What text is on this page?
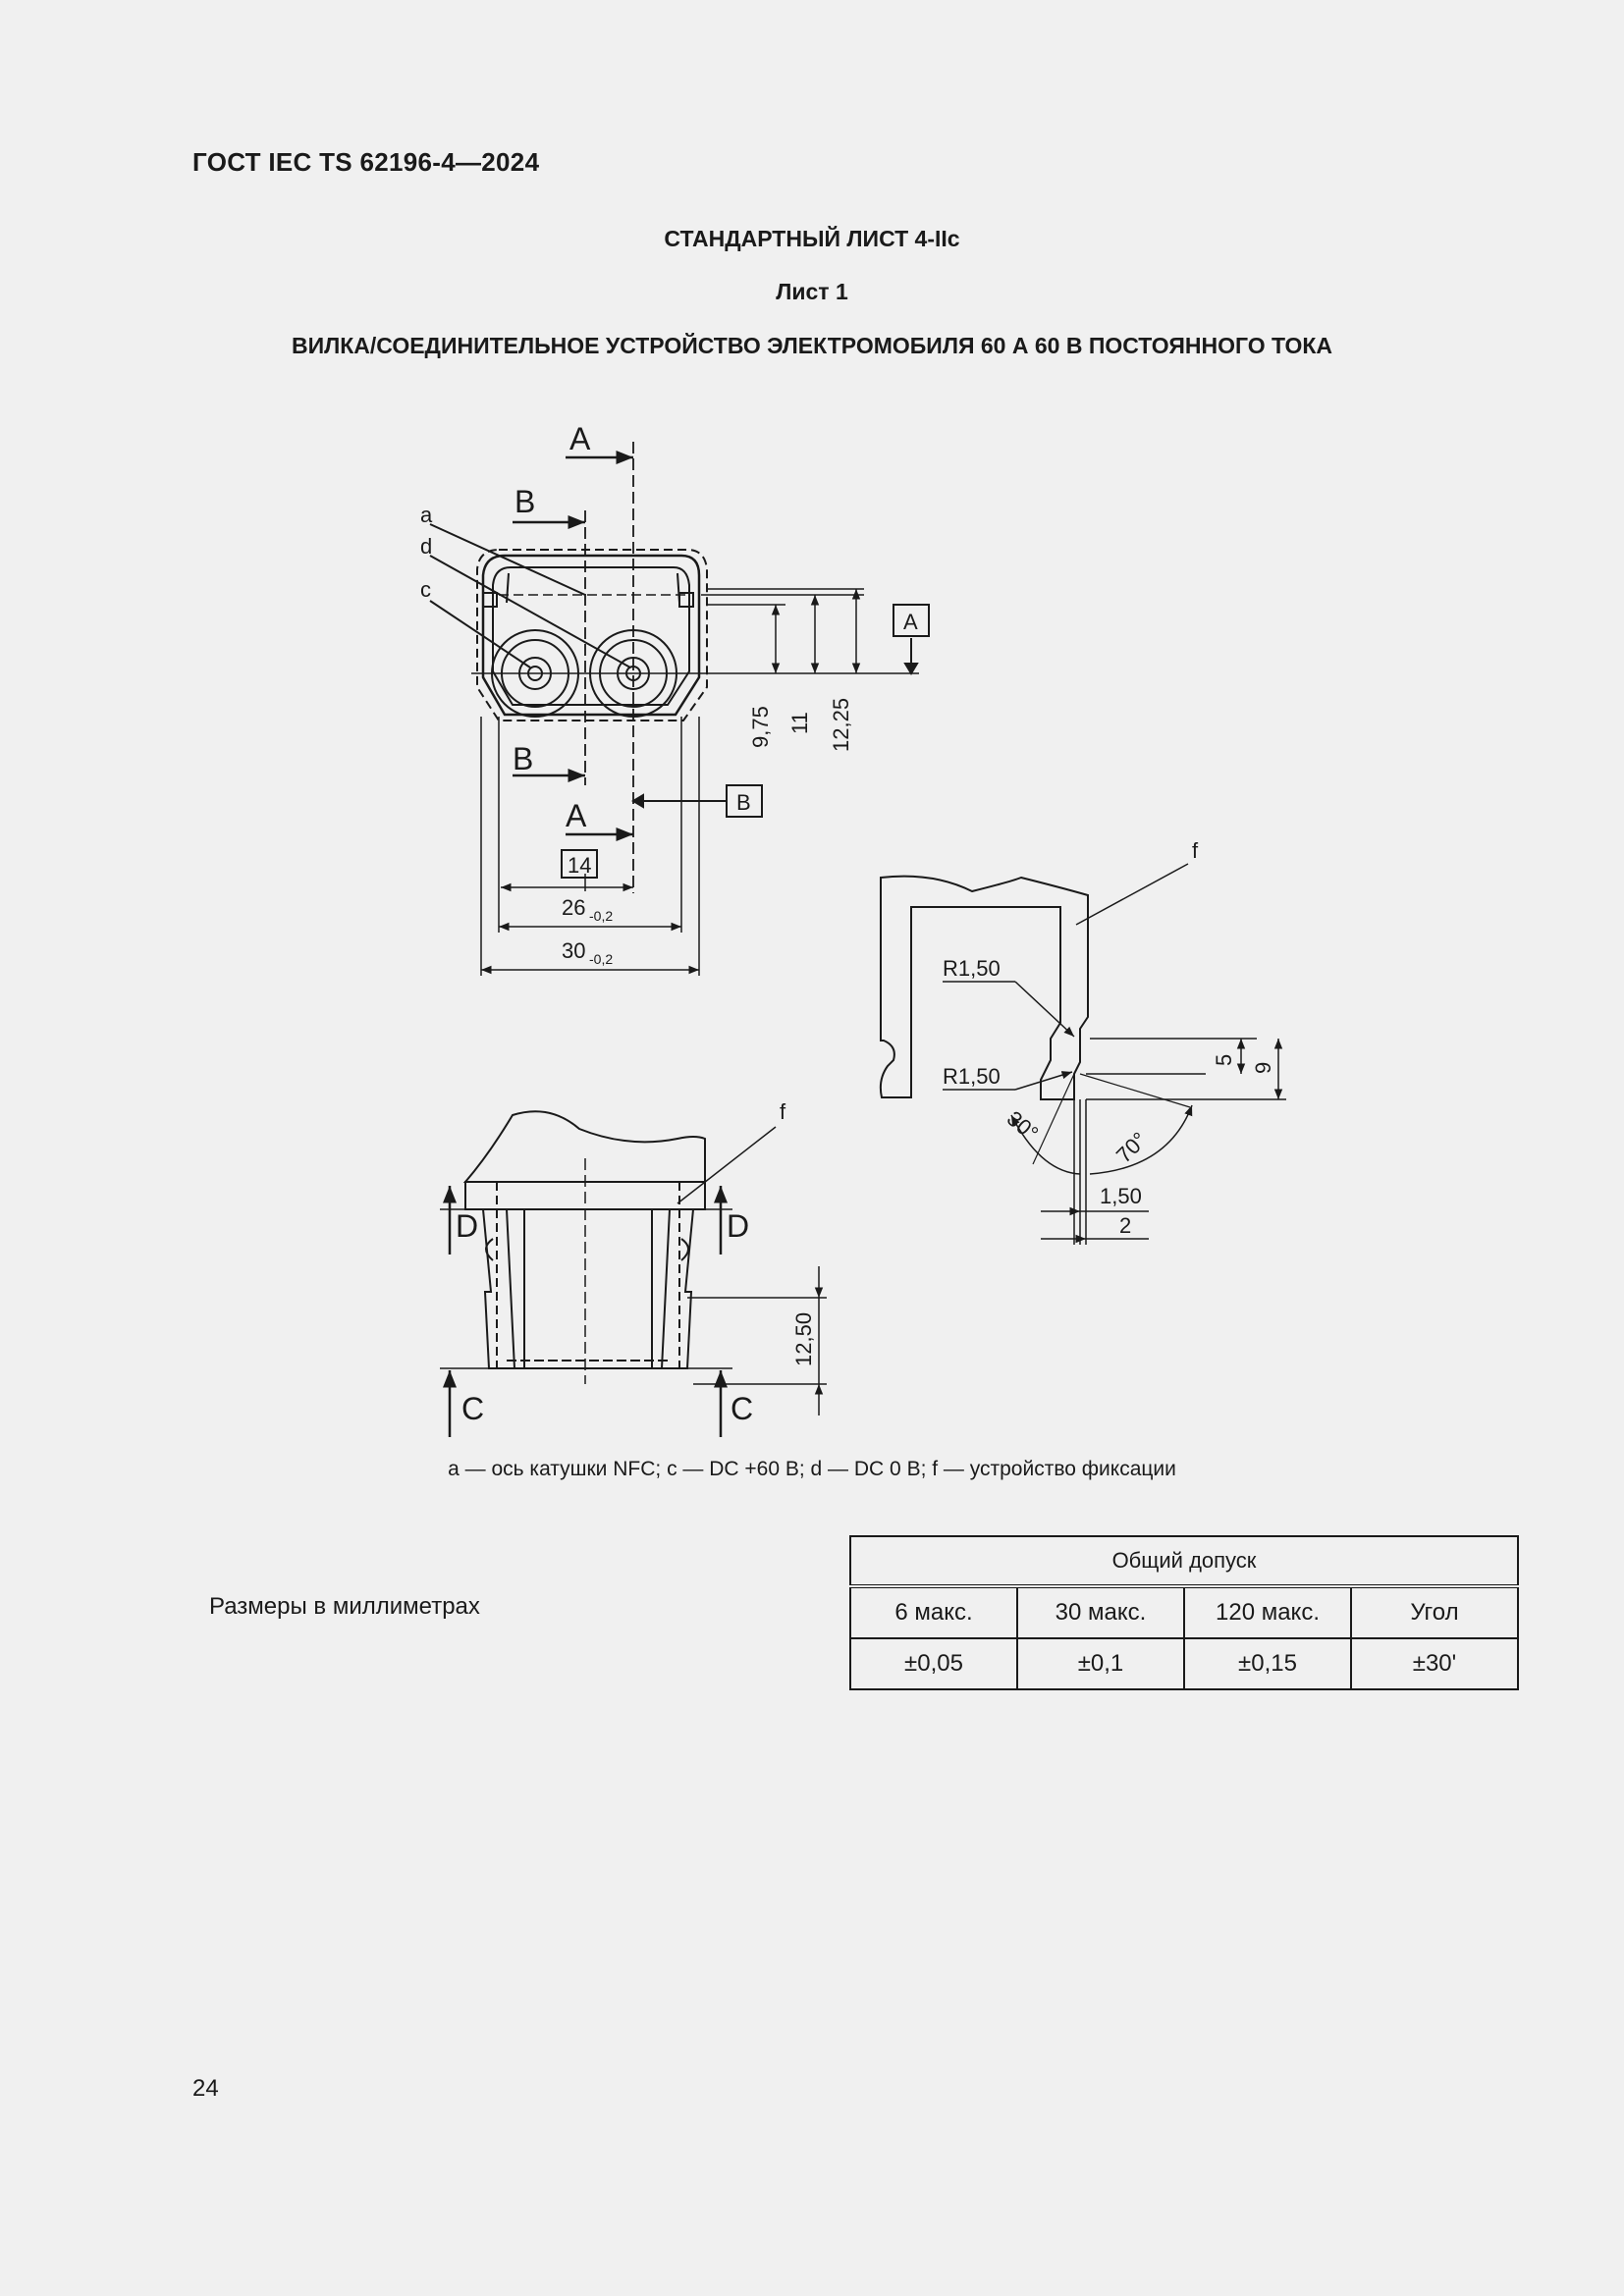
ГОСТ IEC TS 62196-4—2024
СТАНДАРТНЫЙ ЛИСТ 4-IIc
Лист 1
ВИЛКА/СОЕДИНИТЕЛЬНОЕ УСТРОЙСТВО ЭЛЕКТРОМОБИЛЯ 60 А 60 В ПОСТОЯННОГО ТОКА
A
B
B
A
a
d
c
B
A
9,75 11 12,25
14
26 -0,2
30 -0,2
f
R1,50
R1,50
5
9
30°
70°
1,50
2
f
D	D
C	C
12,50
a — ось катушки NFC; c — DC +60 В; d — DC 0 В; f — устройство фиксации
Размеры в миллиметрах
Общий допуск			
6 макс.	30 макс.	120 макс.	Угол
±0,05	±0,1	±0,15	±30'
24
